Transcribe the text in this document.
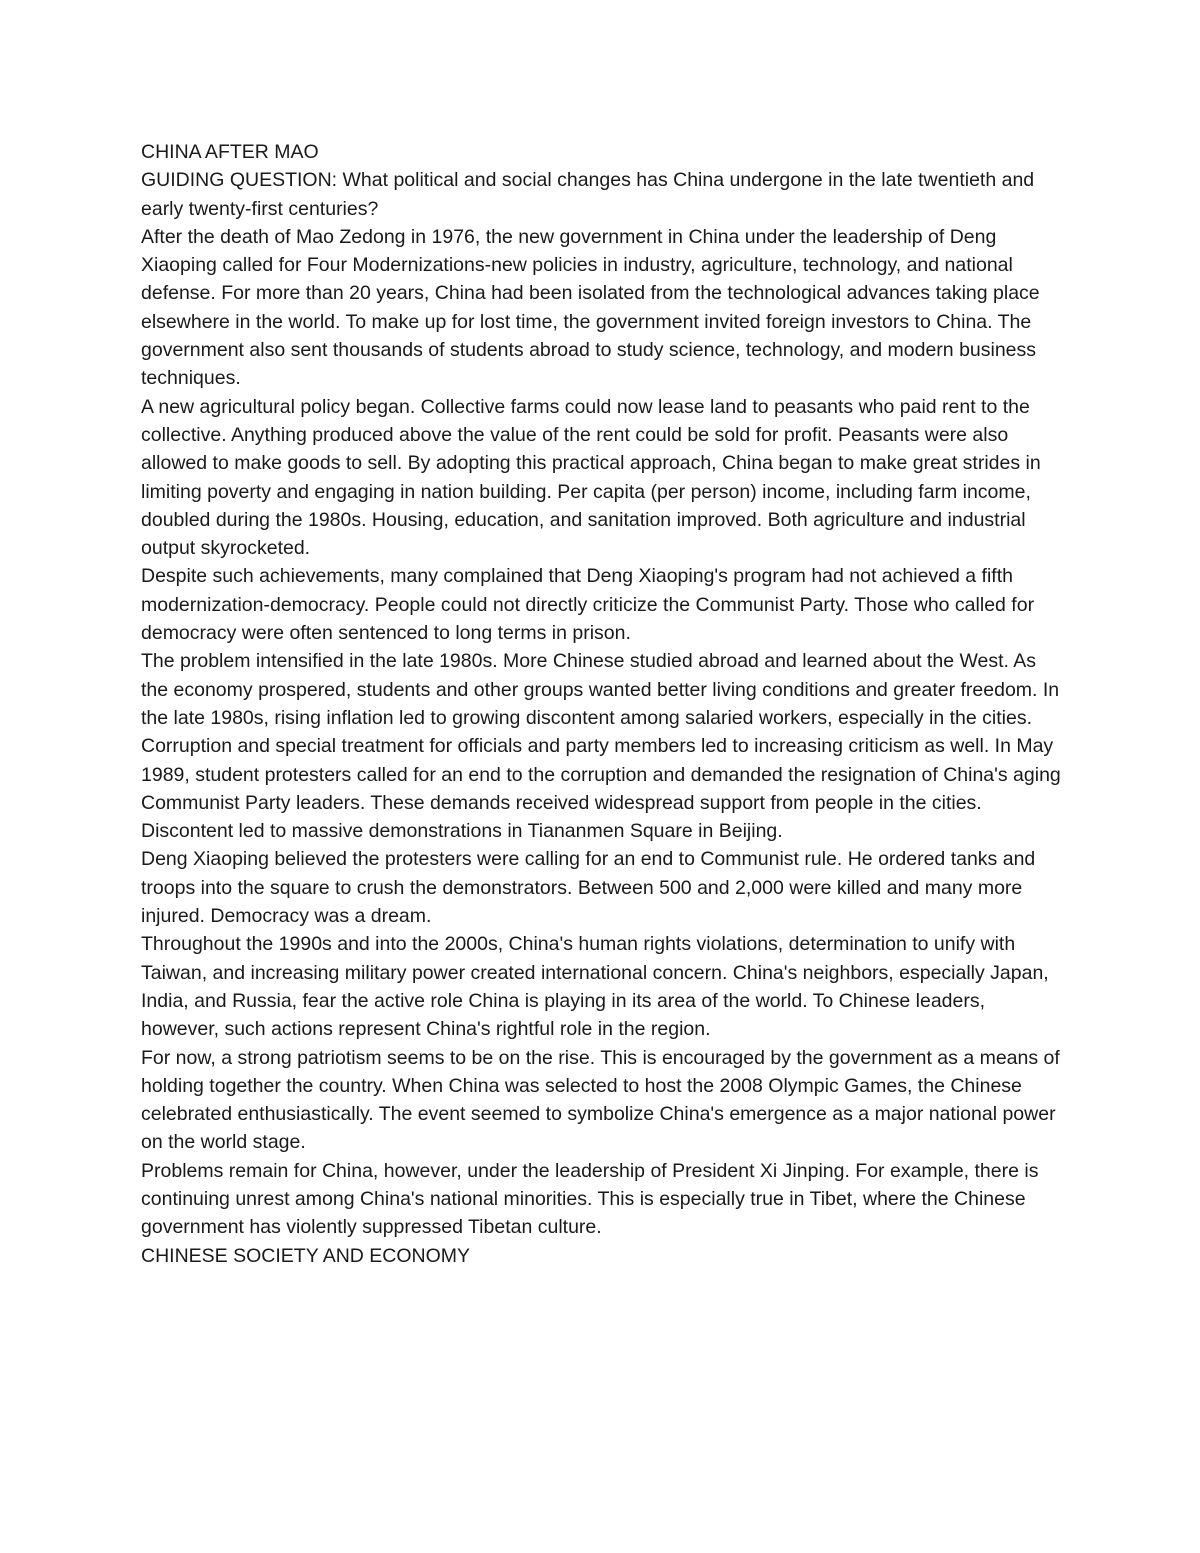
CHINA AFTER MAO

GUIDING QUESTION: What political and social changes has China undergone in the late twentieth and early twenty-first centuries?

After the death of Mao Zedong in 1976, the new government in China under the leadership of Deng Xiaoping called for Four Modernizations-new policies in industry, agriculture, technology, and national defense. For more than 20 years, China had been isolated from the technological advances taking place elsewhere in the world. To make up for lost time, the government invited foreign investors to China. The government also sent thousands of students abroad to study science, technology, and modern business techniques.

A new agricultural policy began. Collective farms could now lease land to peasants who paid rent to the collective. Anything produced above the value of the rent could be sold for profit. Peasants were also allowed to make goods to sell. By adopting this practical approach, China began to make great strides in limiting poverty and engaging in nation building. Per capita (per person) income, including farm income, doubled during the 1980s. Housing, education, and sanitation improved. Both agriculture and industrial output skyrocketed.

Despite such achievements, many complained that Deng Xiaoping's program had not achieved a fifth modernization-democracy. People could not directly criticize the Communist Party. Those who called for democracy were often sentenced to long terms in prison.

The problem intensified in the late 1980s. More Chinese studied abroad and learned about the West. As the economy prospered, students and other groups wanted better living conditions and greater freedom. In the late 1980s, rising inflation led to growing discontent among salaried workers, especially in the cities. Corruption and special treatment for officials and party members led to increasing criticism as well. In May 1989, student protesters called for an end to the corruption and demanded the resignation of China's aging Communist Party leaders. These demands received widespread support from people in the cities.

Discontent led to massive demonstrations in Tiananmen Square in Beijing.

Deng Xiaoping believed the protesters were calling for an end to Communist rule. He ordered tanks and troops into the square to crush the demonstrators. Between 500 and 2,000 were killed and many more injured. Democracy was a dream.

Throughout the 1990s and into the 2000s, China's human rights violations, determination to unify with Taiwan, and increasing military power created international concern. China's neighbors, especially Japan, India, and Russia, fear the active role China is playing in its area of the world. To Chinese leaders, however, such actions represent China's rightful role in the region.

For now, a strong patriotism seems to be on the rise. This is encouraged by the government as a means of holding together the country. When China was selected to host the 2008 Olympic Games, the Chinese celebrated enthusiastically. The event seemed to symbolize China's emergence as a major national power on the world stage.

Problems remain for China, however, under the leadership of President Xi Jinping. For example, there is continuing unrest among China's national minorities. This is especially true in Tibet, where the Chinese government has violently suppressed Tibetan culture.

CHINESE SOCIETY AND ECONOMY
